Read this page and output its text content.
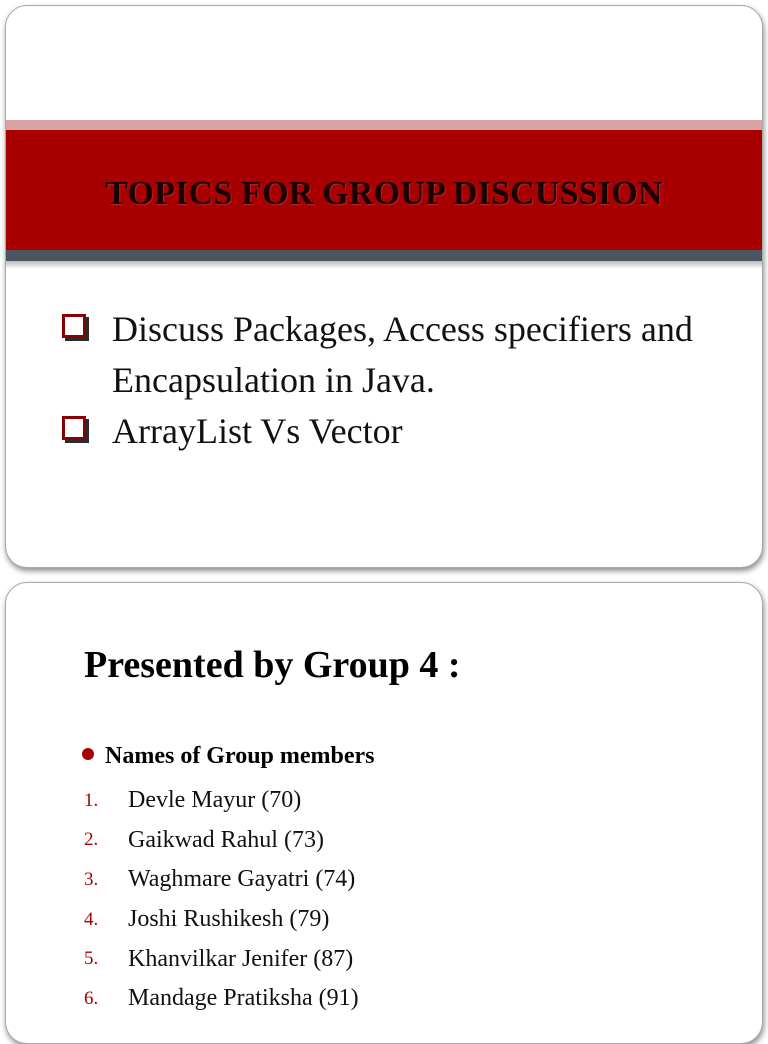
TOPICS FOR GROUP DISCUSSION
Discuss Packages, Access specifiers and Encapsulation in Java.
ArrayList Vs Vector
Presented by Group 4 :
Names of Group members
1.	Devle Mayur (70)
2.	Gaikwad Rahul (73)
3.	Waghmare Gayatri (74)
4.	Joshi Rushikesh (79)
5.	Khanvilkar Jenifer (87)
6.	Mandage Pratiksha (91)
